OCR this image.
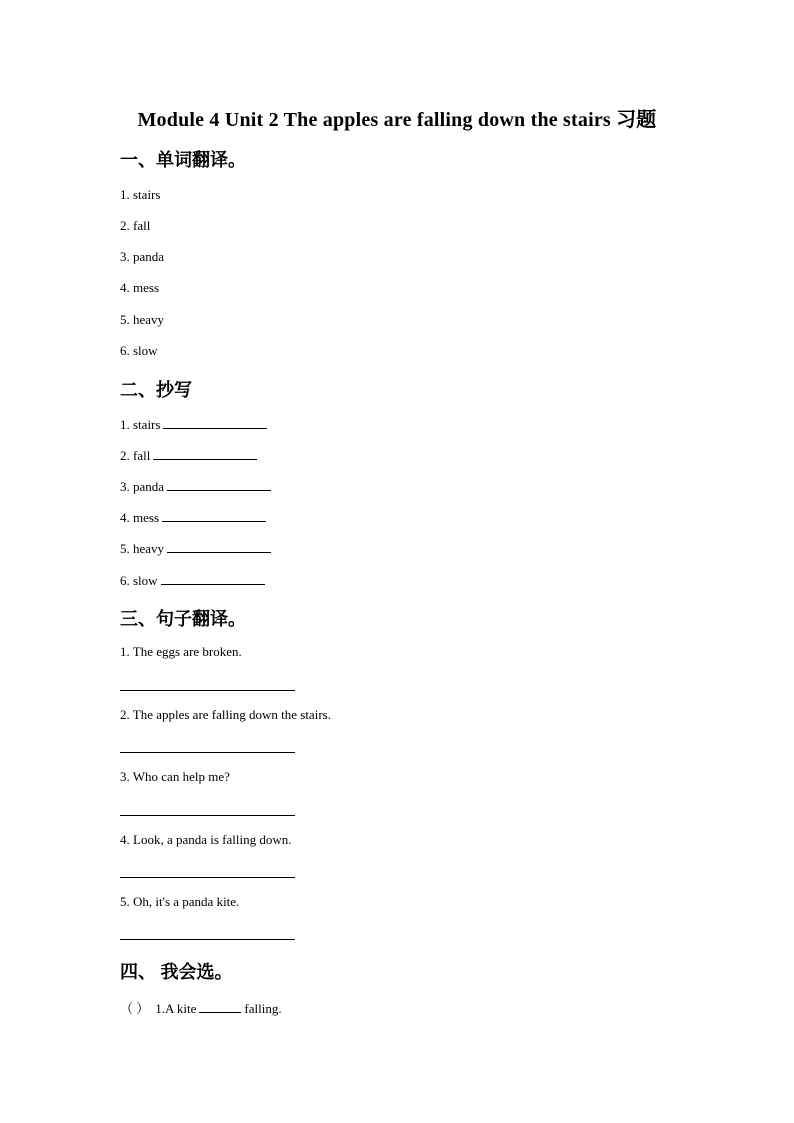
Module 4 Unit 2 The apples are falling down the stairs 习题
一、单词翻译。
1. stairs
2. fall
3. panda
4. mess
5. heavy
6. slow
二、抄写
1. stairs
2. fall
3. panda
4. mess
5. heavy
6. slow
三、句子翻译。
1. The eggs are broken.
2. The apples are falling down the stairs.
3. Who can help me?
4. Look, a panda is falling down.
5. Oh, it's a panda kite.
四、 我会选。
（ ） 1.A kite	falling.
